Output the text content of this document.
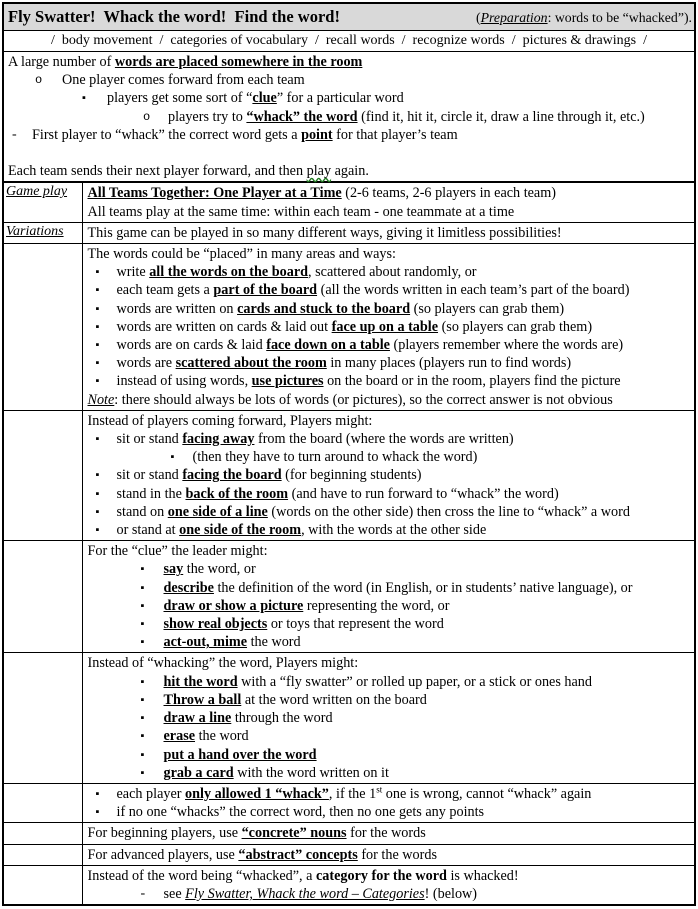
Fly Swatter!  Whack the word!  Find the word! (Preparation: words to be “whacked”).	

/  body movement  /  categories of vocabulary  /  recall words  /  recognize words  /  pictures & drawings  /	

A large number of words are placed somewhere in the room
o One player comes forward from each team
▪ players get some sort of “clue” for a particular word
o players try to “whack” the word (find it, hit it, circle it, draw a line through it, etc.)
- First player to “whack” the correct word gets a point for that player’s team
Each team sends their next player forward, and then play again.

Game play	All Teams Together: One Player at a Time (2-6 teams, 2-6 players in each team)
All teams play at the same time: within each team - one teammate at a time

Variations	This game can be played in so many different ways, giving it limitless possibilities!

The words could be “placed” in many areas and ways:
▪ write all the words on the board, scattered about randomly, or
▪ each team gets a part of the board (all the words written in each team’s part of the board)
▪ words are written on cards and stuck to the board (so players can grab them)
▪ words are written on cards & laid out face up on a table (so players can grab them)
▪ words are on cards & laid face down on a table (players remember where the words are)
▪ words are scattered about the room in many places (players run to find words)
▪ instead of using words, use pictures on the board or in the room, players find the picture
Note: there should always be lots of words (or pictures), so the correct answer is not obvious

Instead of players coming forward, Players might:
▪ sit or stand facing away from the board (where the words are written)
▪ (then they have to turn around to whack the word)
▪ sit or stand facing the board (for beginning students)
▪ stand in the back of the room (and have to run forward to “whack” the word)
▪ stand on one side of a line (words on the other side) then cross the line to “whack” a word
▪ or stand at one side of the room, with the words at the other side

For the “clue” the leader might:
▪ say the word, or
▪ describe the definition of the word (in English, or in students’ native language), or
▪ draw or show a picture representing the word, or
▪ show real objects or toys that represent the word
▪ act-out, mime the word

Instead of “whacking” the word, Players might:
▪ hit the word with a “fly swatter” or rolled up paper, or a stick or ones hand
▪ Throw a ball at the word written on the board
▪ draw a line through the word
▪ erase the word
▪ put a hand over the word
▪ grab a card with the word written on it

	▪ each player only allowed 1 “whack”, if the 1st one is wrong, cannot “whack” again
▪ if no one “whacks” the correct word, then no one gets any points

	For beginning players, use “concrete” nouns for the words

	For advanced players, use “abstract” concepts for the words

	Instead of the word being “whacked”, a category for the word is whacked!
- see Fly Swatter, Whack the word – Categories! (below)
